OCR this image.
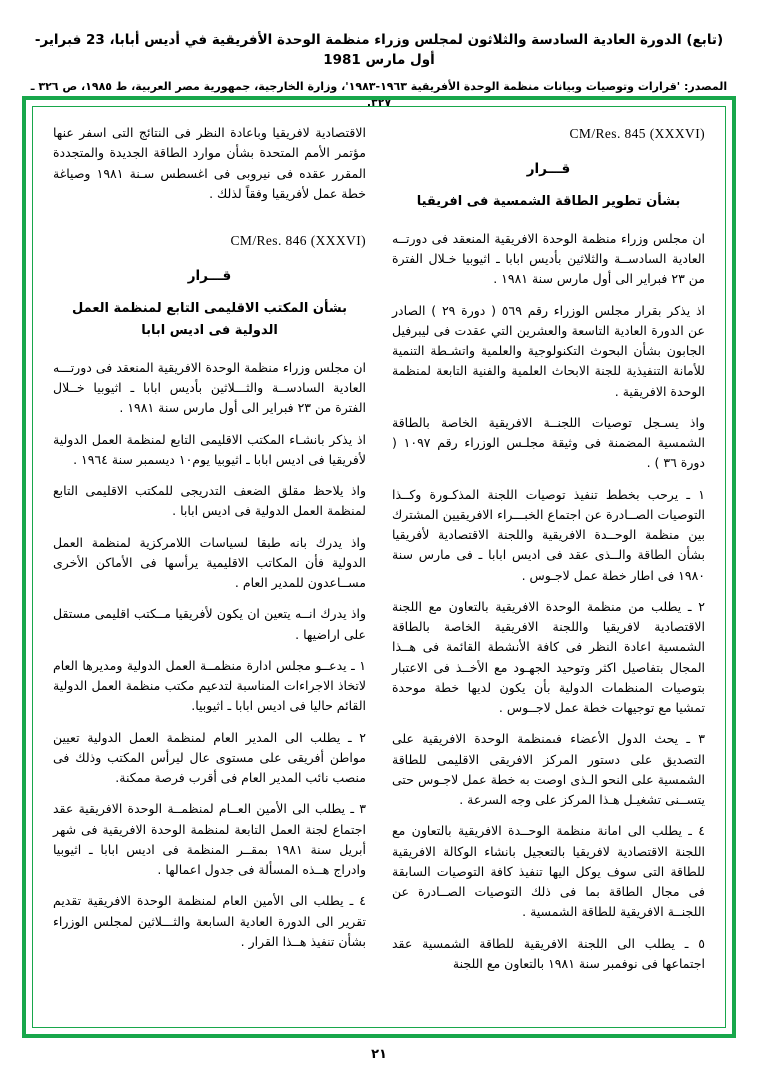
(تابع) الدورة العادية السادسة والثلاثون لمجلس وزراء منظمة الوحدة الأفريقية في أديس أبابا، 23 فبراير- أول مارس 1981
المصدر: 'قرارات وتوصيات وبيانات منظمة الوحدة الأفريقية ١٩٦٣-١٩٨٣'، وزارة الخارجية، جمهورية مصر العربية، ط ١٩٨٥، ص ٣٢٦ ـ ٣٢٧.
CM/Res. 845 (XXXVI)
قـــرار
بشأن تطوير الطاقة الشمسية فى افريقيا

ان مجلس وزراء منظمة الوحدة الافريقية المنعقد فى دورتــه العادية السادســة والثلاثين بأديس ابابا ـ اثيوبيا خـلال الفترة من ٢٣ فبراير الى أول مارس سنة ١٩٨١ .

اذ يذكر بقرار مجلس الوزراء رقم ٥٦٩ ( دورة ٢٩ ) الصادر عن الدورة العادية التاسعة والعشرين التي عقدت فى ليبرفيل الجابون بشأن البحوث التكنولوجية والعلمية واتشـطة التنمية للأمانة التنفيذية للجنة الابحاث العلمية والفنية التابعة لمنظمة الوحدة الافريقية .

واذ يسـجل توصيات اللجنــة الافريقية الخاصة بالطاقة الشمسية المضمنة فى وثيقة مجلـس الوزراء رقم ١٠٩٧ ( دورة ٣٦ ) .

١ ـ يرحب بخطط تنفيذ توصيات اللجنة المذكـورة وكــذا التوصيات الصــادرة عن اجتماع الخبـــراء الافريقيين المشترك بين منظمة الوحــدة الافريقية واللجنة الاقتصادية لأفريقيا بشأن الطاقة والــذى عقد فى اديس ابابا ـ فى مارس سنة ١٩٨٠ فى اطار خطة عمل لاجـوس .

٢ ـ يطلب من منظمة الوحدة الافريقية بالتعاون مع اللجنة الاقتصادية لافريقيا واللجنة الافريقية الخاصة بالطاقة الشمسية اعادة النظر فى كافة الأنشطة القائمة فى هــذا المجال بتفاصيل اكثر وتوحيد الجهـود مع الأخــذ فى الاعتبار بتوصيات المنظمات الدولية بأن يكون لديها خطة موحدة تمشيا مع توجيهات خطة عمل لاجــوس .

٣ ـ يحث الدول الأعضاء فىمنظمة الوحدة الافريقية على التصديق على دستور المركز الافريقى الاقليمى للطاقة الشمسية على النحو الـذى اوصت به خطة عمل لاجـوس حتى يتســنى تشغيـل هـذا المركز على وجه السرعة .

٤ ـ يطلب الى امانة منظمة الوحــدة الافريقية بالتعاون مع اللجنة الاقتصادية لافريقيا بالتعجيل بانشاء الوكالة الافريقية للطاقة التى سوف يوكل اليها تنفيذ كافة التوصيات السابقة فى مجال الطاقة بما فى ذلك التوصيات الصــادرة عن اللجنــة الافريقية للطاقة الشمسية .

٥ ـ يطلب الى اللجنة الافريقية للطاقة الشمسية عقد اجتماعها فى نوفمبر سنة ١٩٨١ بالتعاون مع اللجنة

الاقتصادية لافريقيا وباعادة النظر فى النتائج التى اسفر عنها مؤتمر الأمم المتحدة بشأن موارد الطاقة الجديدة والمتجددة المقرر عقده فى نيروبى فى اغسطس سـنة ١٩٨١ وصياغة خطة عمل لأفريقيا وفقاً لذلك .

CM/Res. 846 (XXXVI)
قـــرار
بشأن المكتب الاقليمى التابع لمنظمة العمل
الدولية فى اديس ابابا

ان مجلس وزراء منظمة الوحدة الافريقية المنعقد فى دورتـــه العادية السادســة والثـــلاثين بأديس ابابا ـ اثيوبيا خــلال الفترة من ٢٣ فبراير الى أول مارس سنة ١٩٨١ .

اذ يذكر بانشـاء المكتب الاقليمى التابع لمنظمة العمل الدولية لأفريقيا فى اديس ابابا ـ اثيوبيا يوم١٠ ديسمبر سنة ١٩٦٤ .

واذ يلاحظ مقلق الضعف التدريجى للمكتب الاقليمى التابع لمنظمة العمل الدولية فى اديس ابابا .

واذ يدرك بانه طبقا لسياسات اللامركزية لمنظمة العمل الدولية فأن المكاتب الاقليمية يرأسها فى الأماكن الأخرى مســاعدون للمدير العام .

واذ يدرك انــه يتعين ان يكون لأفريقيا مــكتب اقليمى مستقل على اراضيها .

١ ـ يدعــو مجلس ادارة منظمــة العمل الدولية ومديرها العام لاتخاذ الاجراءات المناسبة لتدعيم مكتب منظمة العمل الدولية القائم حاليا فى اديس ابابا ـ اثيوبيا.

٢ ـ يطلب الى المدير العام لمنظمة العمل الدولية تعيين مواطن أفريقى على مستوى عال ليرأس المكتب وذلك فى منصب نائب المدير العام فى أقرب فرصة ممكنة.

٣ ـ يطلب الى الأمين العــام لمنظمــة الوحدة الافريقية عقد اجتماع لجنة العمل التابعة لمنظمة الوحدة الافريقية فى شهر أبريل سنة ١٩٨١ بمقــر المنظمة فى اديس ابابا ـ اثيوبيا وادراج هــذه المسألة فى جدول اعمالها .

٤ ـ يطلب الى الأمين العام لمنظمة الوحدة الافريقية تقديم تقرير الى الدورة العادية السابعة والثـــلاثين لمجلس الوزراء بشأن تنفيذ هــذا القرار .

٢١
